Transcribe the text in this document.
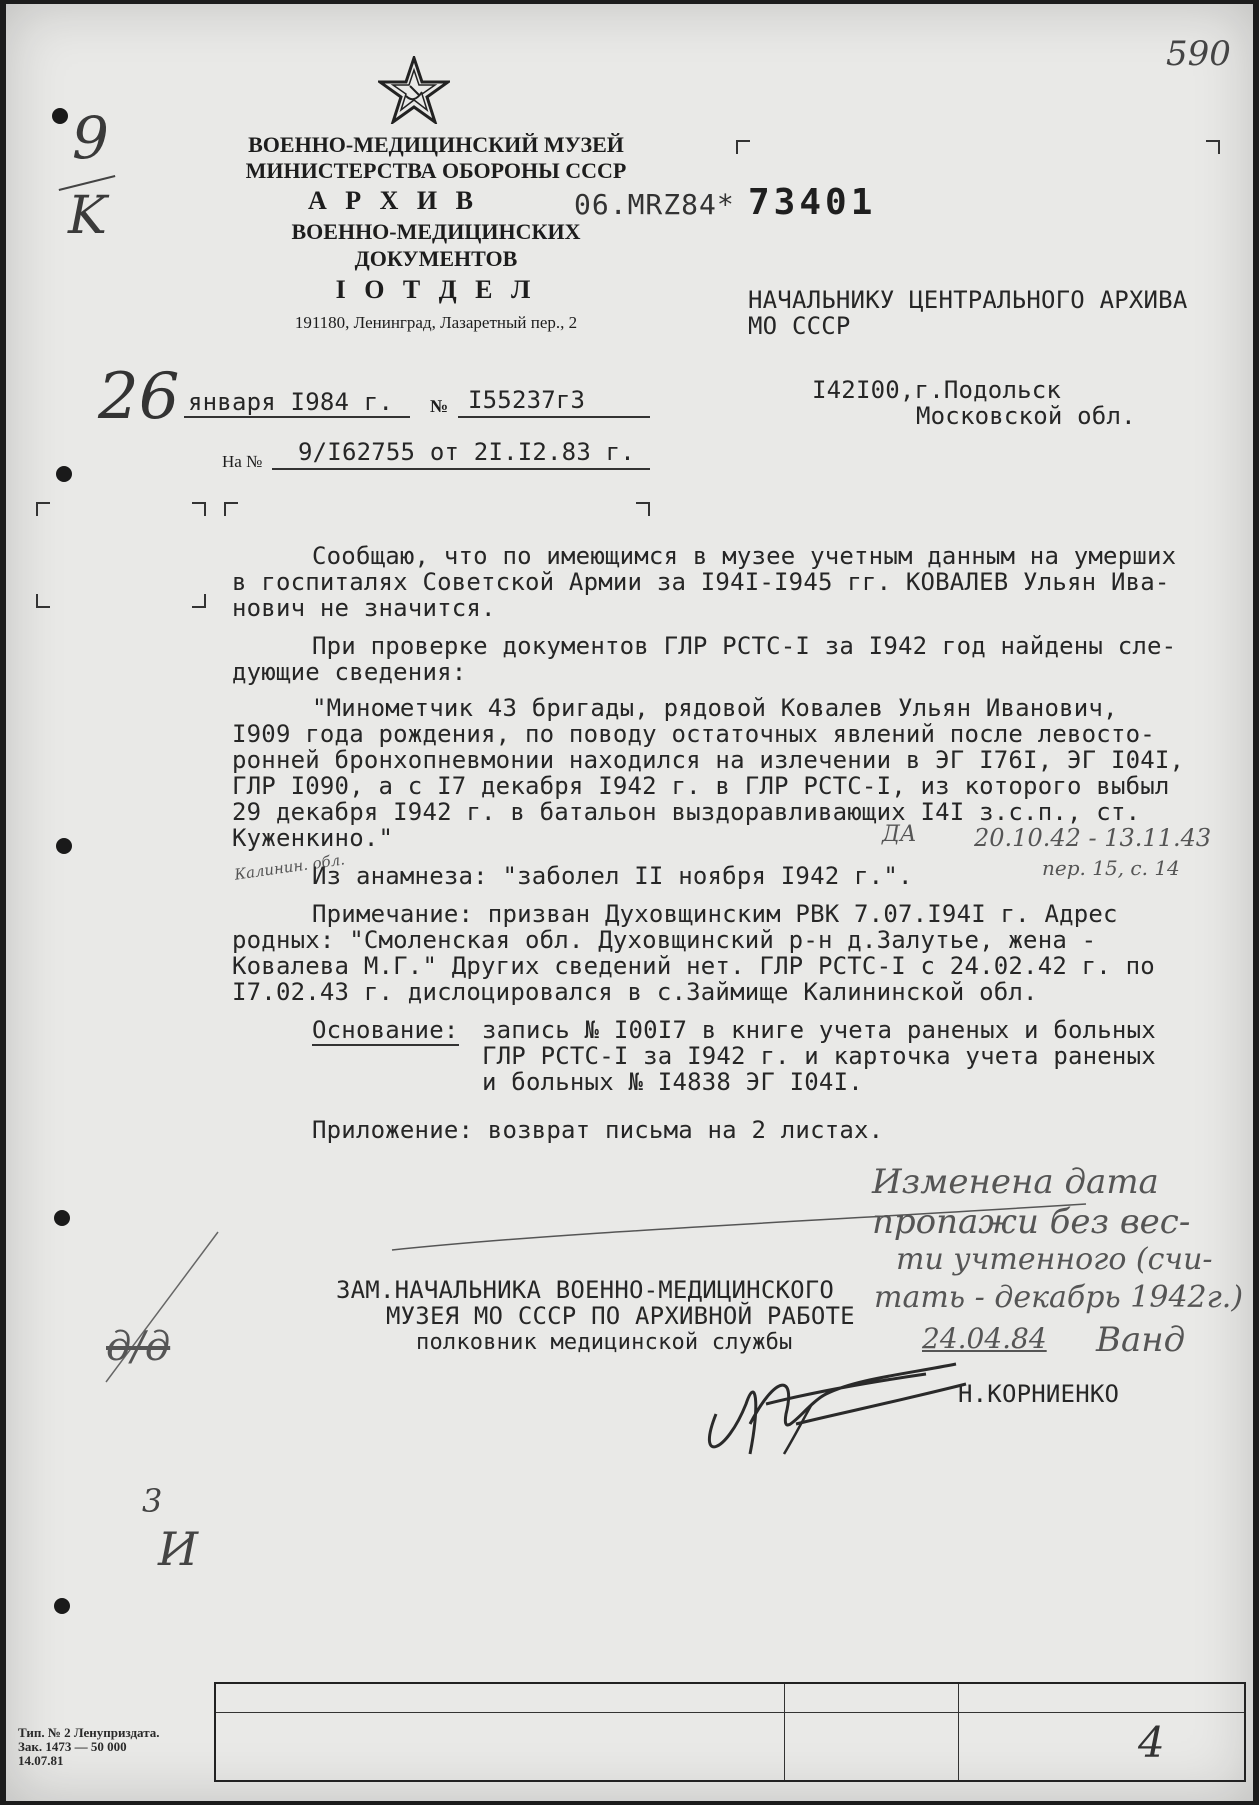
590
9
K
ВОЕННО-МЕДИЦИНСКИЙ МУЗЕЙ
МИНИСТЕРСТВА ОБОРОНЫ СССР
А Р Х И В
ВОЕННО-МЕДИЦИНСКИХ
ДОКУМЕНТОВ
I О Т Д Е Л
191180, Ленинград, Лазаретный пер., 2
06.MRZ84* 73401
НАЧАЛЬНИКУ ЦЕНТРАЛЬНОГО АРХИВА
МО СССР
I42I00,г.Подольск
Московской обл.
26 января I984 г. № I55237г3
На № 9/I62755 от 2I.I2.83 г.
Сообщаю, что по имеющимся в музее учетным данным на умерших
в госпиталях Советской Армии за I94I-I945 гг. КОВАЛЕВ Ульян Ива-
нович не значится.
При проверке документов ГЛР РСТС-I за I942 год найдены сле-
дующие сведения:
"Минометчик 43 бригады, рядовой Ковалев Ульян Иванович,
I909 года рождения, по поводу остаточных явлений после левосто-
ронней бронхопневмонии находился на излечении в ЭГ I76I, ЭГ I04I,
ГЛР I090, а с I7 декабря I942 г. в ГЛР РСТС-I, из которого выбыл
29 декабря I942 г. в батальон выздоравливающих I4I з.с.п., ст.
Куженкино."	ДА 20.10.42 - 13.11.43
пер. 15, с. 14
Калинин. обл.
Из анамнеза: "заболел II ноября I942 г.".
Примечание: призван Духовщинским РВК 7.07.I94I г. Адрес
родных: "Смоленская обл. Духовщинский р-н д.Залутье, жена -
Ковалева М.Г." Других сведений нет. ГЛР РСТС-I с 24.02.42 г. по
I7.02.43 г. дислоцировался в с.Займище Калининской обл.
Основание: запись № I00I7 в книге учета раненых и больных
ГЛР РСТС-I за I942 г. и карточка учета раненых
и больных № I4838 ЭГ I04I.
Приложение: возврат письма на 2 листах.
Изменена дата
пропажи без вес-
ти учтенного (счи-
тать - декабрь 1942г.)
24.04.84 Ванд
ЗАМ.НАЧАЛЬНИКА ВОЕННО-МЕДИЦИНСКОГО
МУЗЕЯ МО СССР ПО АРХИВНОЙ РАБОТЕ
полковник медицинской службы
Н.КОРНИЕНКО
д/д
3
И
4
Тип. № 2 Ленуприздата.
Зак. 1473 — 50 000
14.07.81
